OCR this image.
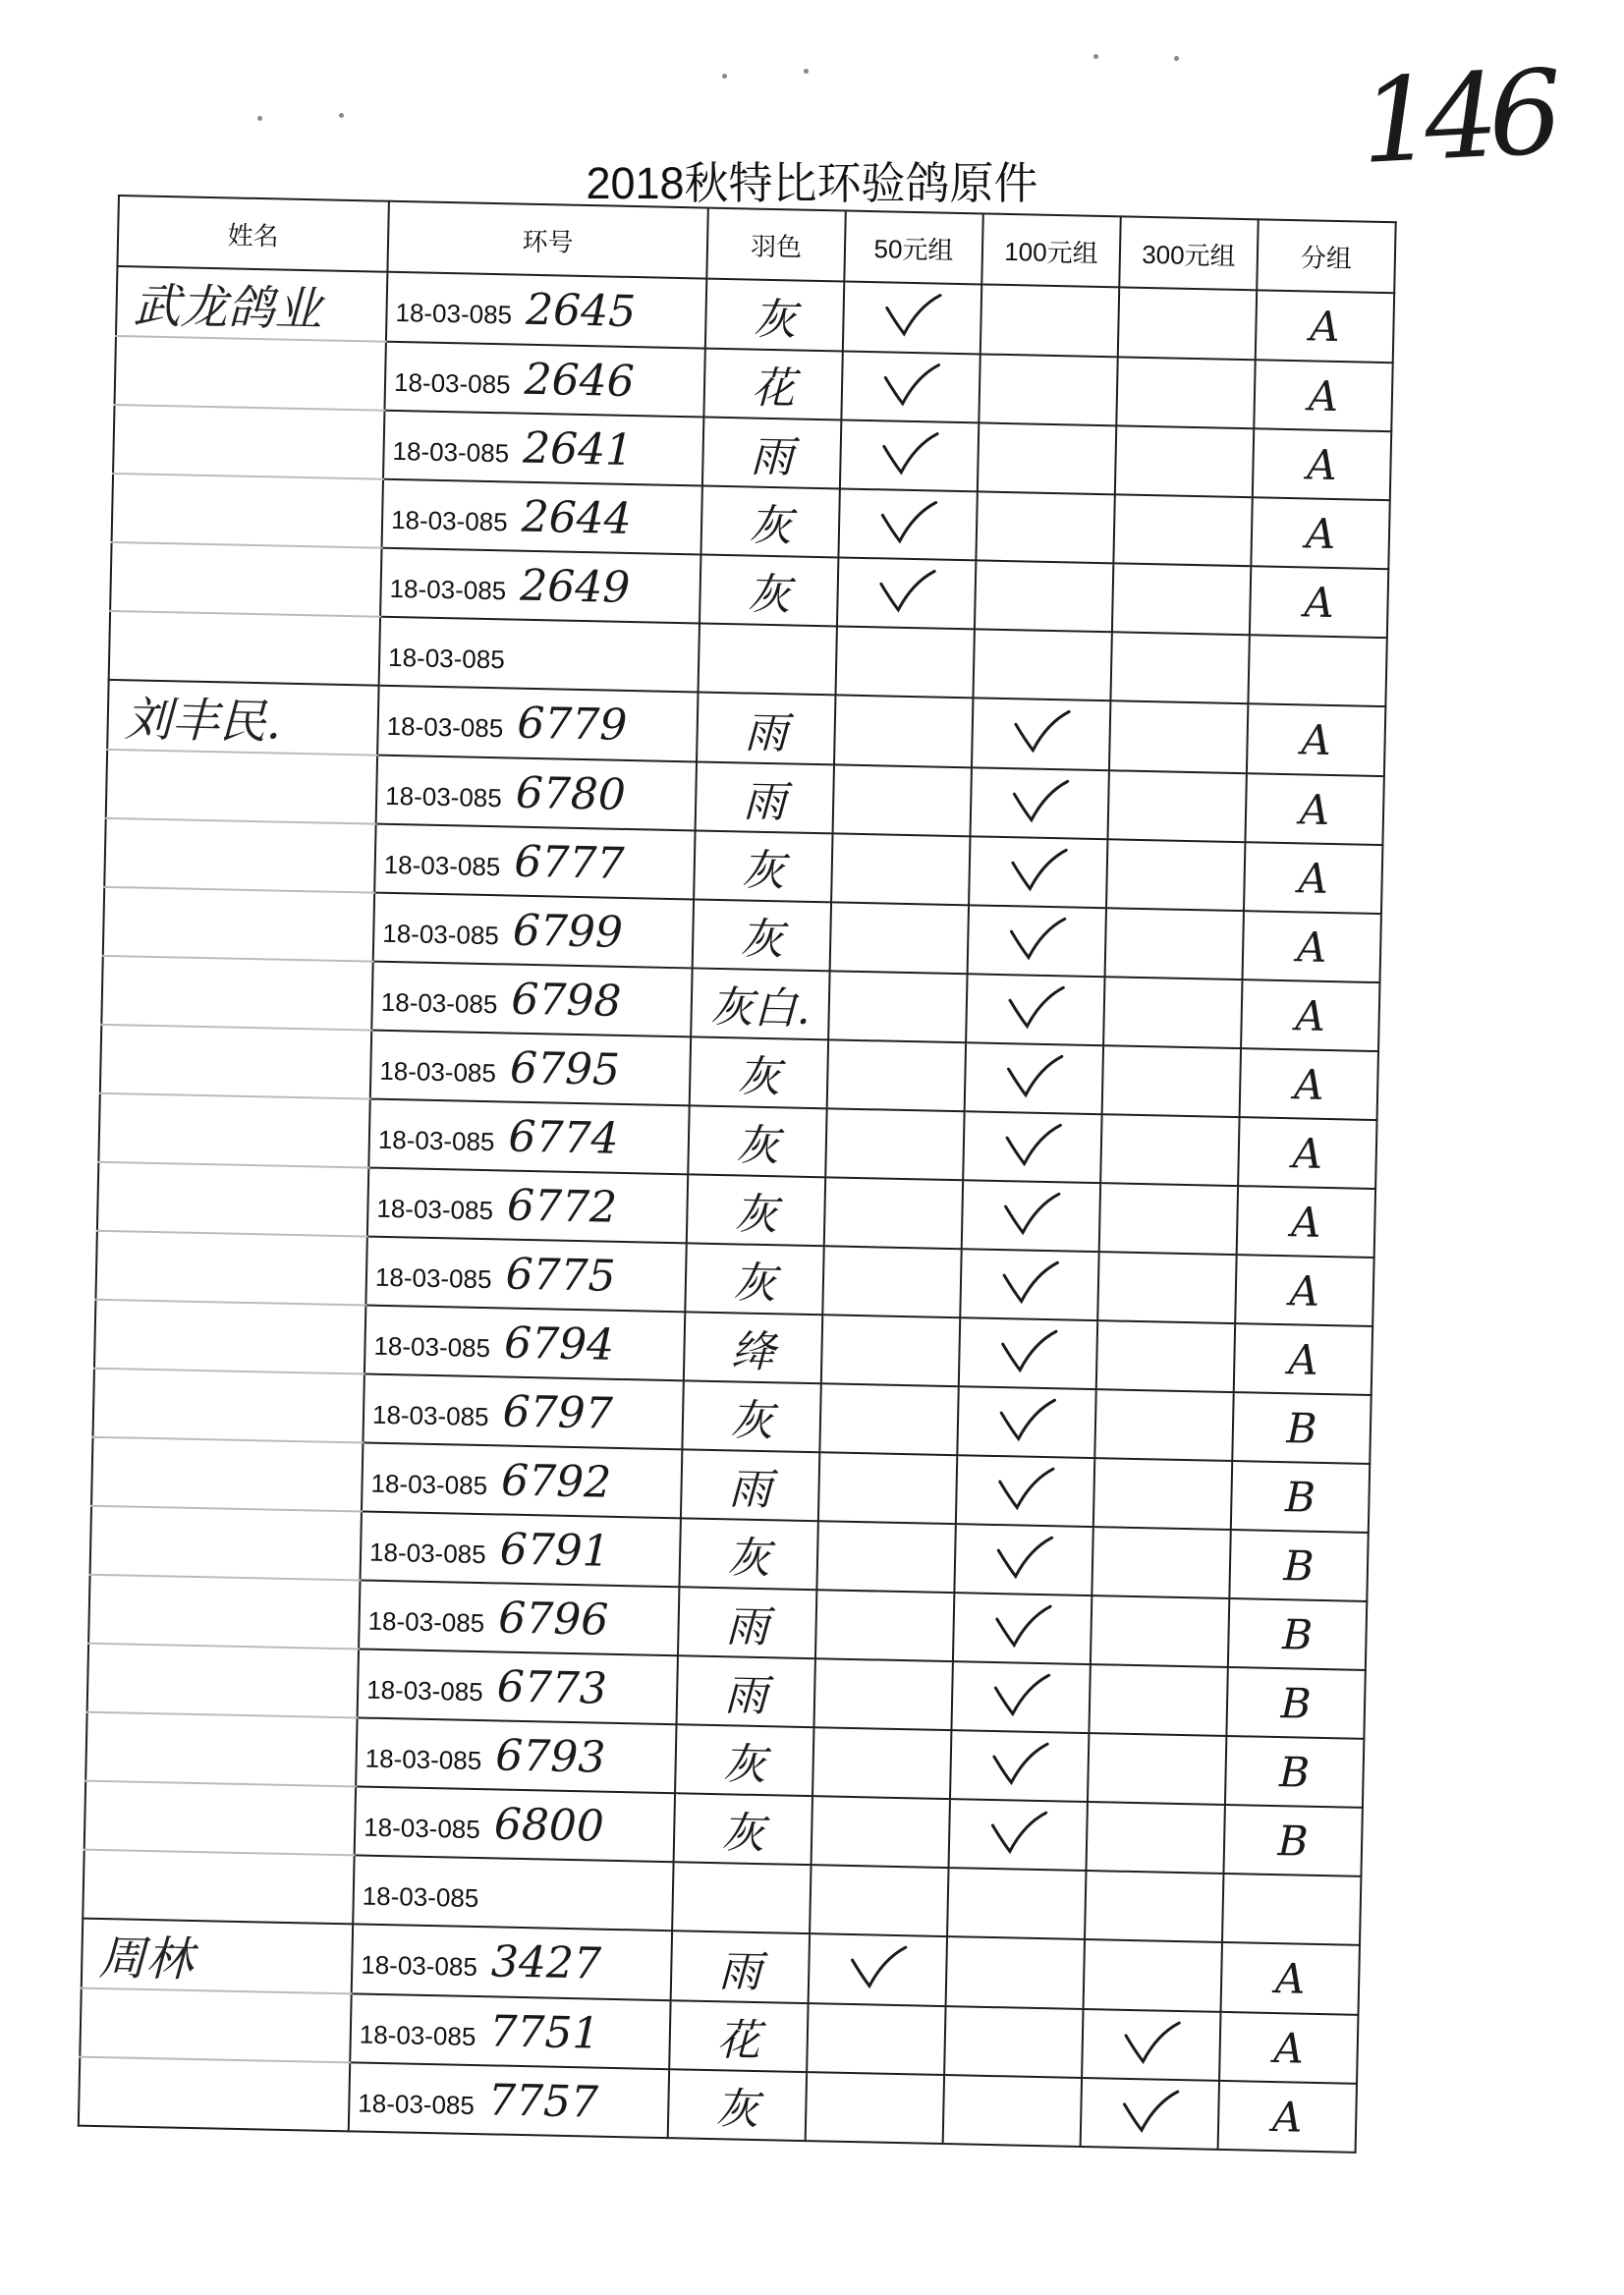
146
2018秋特比环验鸽原件
姓名	环号	羽色	50元组	100元组	300元组	分组
武龙鸽业	18-03-085 2645	灰				A
	18-03-085 2646	花				A
	18-03-085 2641	雨				A
	18-03-085 2644	灰				A
	18-03-085 2649	灰				A
	18-03-085					
刘丰民.	18-03-085 6779	雨				A
	18-03-085 6780	雨				A
	18-03-085 6777	灰				A
	18-03-085 6799	灰				A
	18-03-085 6798	灰白.				A
	18-03-085 6795	灰				A
	18-03-085 6774	灰				A
	18-03-085 6772	灰				A
	18-03-085 6775	灰				A
	18-03-085 6794	绛				A
	18-03-085 6797	灰				B
	18-03-085 6792	雨				B
	18-03-085 6791	灰				B
	18-03-085 6796	雨				B
	18-03-085 6773	雨				B
	18-03-085 6793	灰				B
	18-03-085 6800	灰				B
	18-03-085					
周林	18-03-085 3427	雨				A
	18-03-085 7751	花				A
	18-03-085 7757	灰				A
